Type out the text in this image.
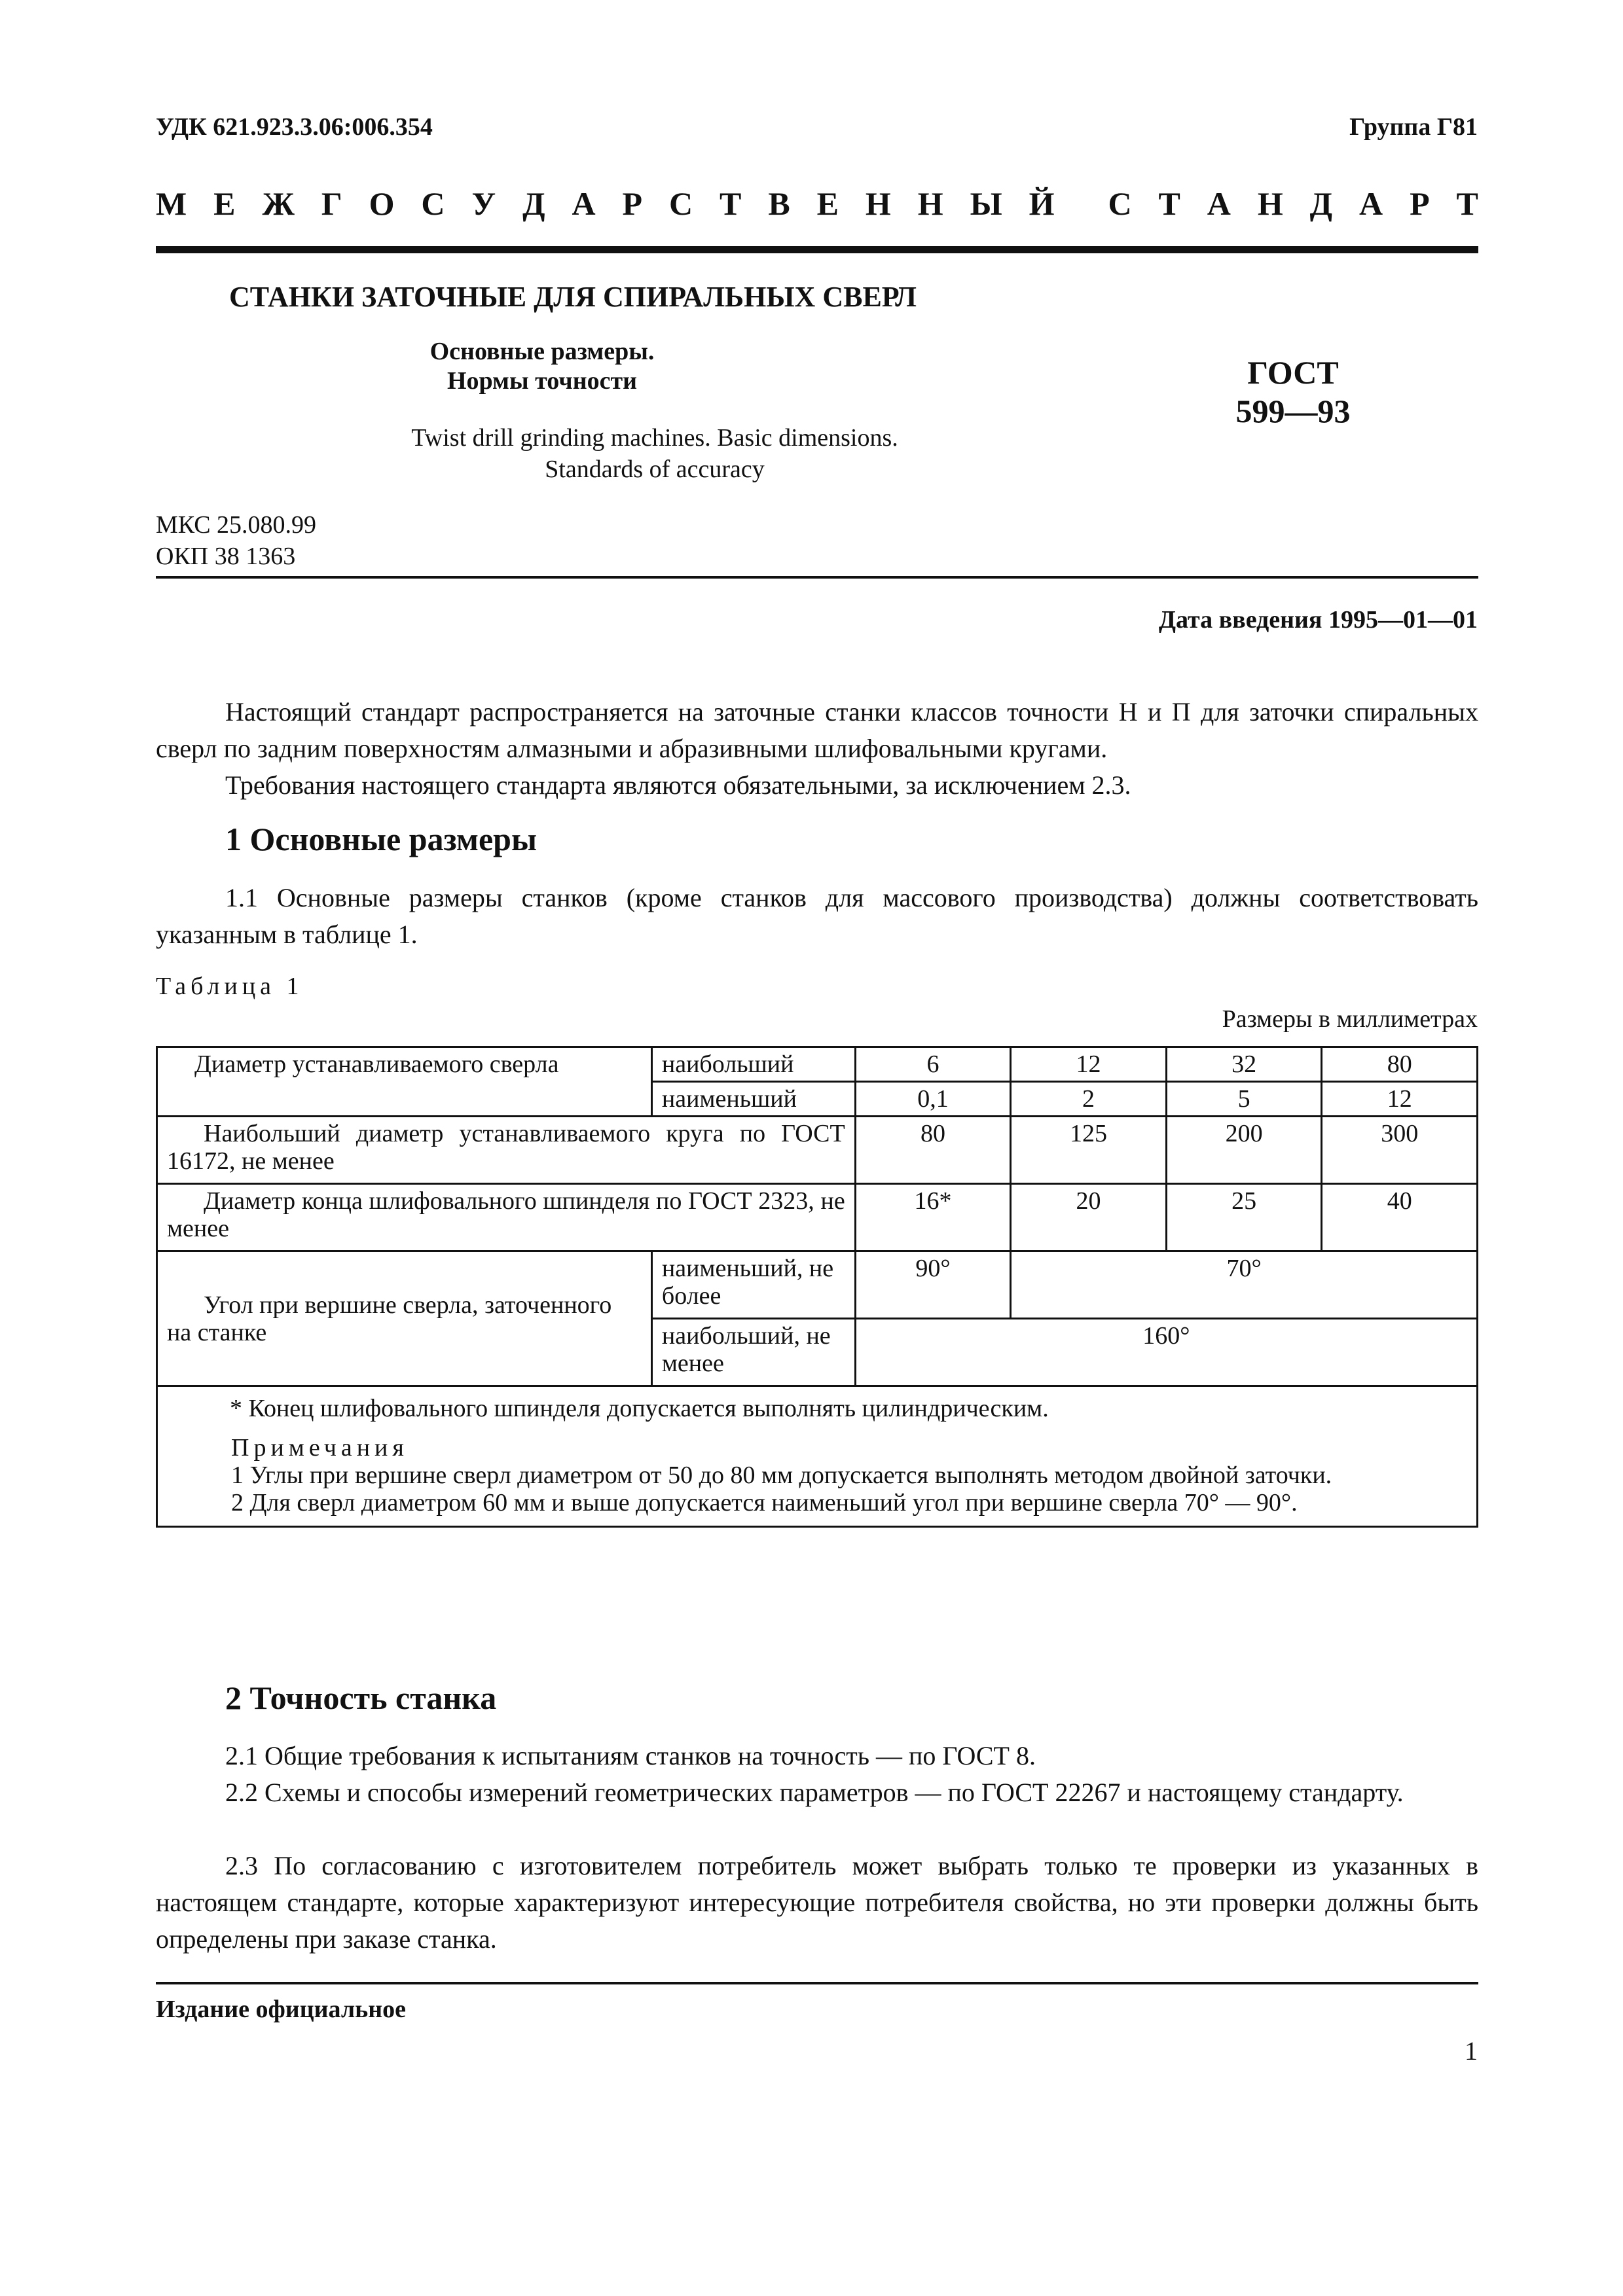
УДК 621.923.3.06:006.354	Группа Г81
М Е Ж Г О С У Д А Р С Т В Е Н Н Ы Й С Т А Н Д А Р Т
СТАНКИ ЗАТОЧНЫЕ ДЛЯ СПИРАЛЬНЫХ СВЕРЛ
Основные размеры.
Нормы точности	ГОСТ
599—93
Twist drill grinding machines. Basic dimensions.
Standards of accuracy
МКС 25.080.99
ОКП 38 1363
Дата введения 1995—01—01
Настоящий стандарт распространяется на заточные станки классов точности Н и П для заточки спиральных сверл по задним поверхностям алмазными и абразивными шлифовальными кругами.
Требования настоящего стандарта являются обязательными, за исключением 2.3.
1 Основные размеры
1.1 Основные размеры станков (кроме станков для массового производства) должны соответствовать указанным в таблице 1.
Таблица 1
Размеры в миллиметрах
Диаметр устанавливаемого сверла	наибольший	6	12	32	80
	наименьший	0,1	2	5	12
Наибольший диаметр устанавливаемого круга по ГОСТ 16172, не менее		80	125	200	300
Диаметр конца шлифовального шпинделя по ГОСТ 2323, не менее		16*	20	25	40
Угол при вершине сверла, заточенного на станке	наименьший, не более	90°	70°		
	наибольший, не менее	160°			

* Конец шлифовального шпинделя допускается выполнять цилиндрическим.
Примечания
1 Углы при вершине сверл диаметром от 50 до 80 мм допускается выполнять методом двойной заточки.
2 Для сверл диаметром 60 мм и выше допускается наименьший угол при вершине сверла 70° — 90°.					
2 Точность станка
2.1 Общие требования к испытаниям станков на точность — по ГОСТ 8.
2.2 Схемы и способы измерений геометрических параметров — по ГОСТ 22267 и настоящему стандарту.
2.3 По согласованию с изготовителем потребитель может выбрать только те проверки из указанных в настоящем стандарте, которые характеризуют интересующие потребителя свойства, но эти проверки должны быть определены при заказе станка.
Издание официальное
1
